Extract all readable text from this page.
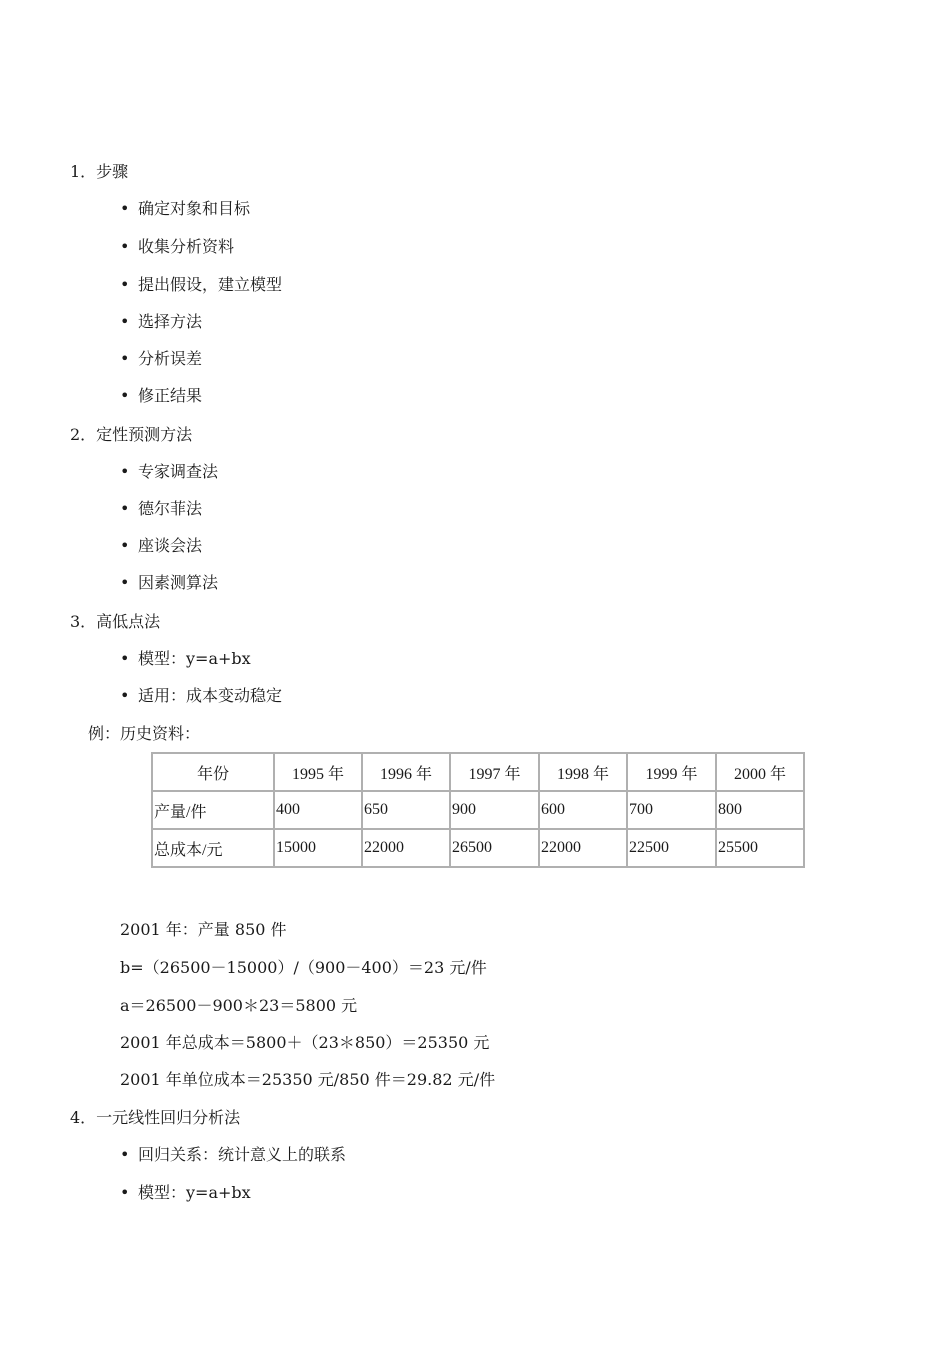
1．步骤
• 确定对象和目标
• 收集分析资料
• 提出假设，建立模型
• 选择方法
• 分析误差
• 修正结果
2．定性预测方法
• 专家调查法
• 德尔菲法
• 座谈会法
• 因素测算法
3．高低点法
• 模型：y=a+bx
• 适用：成本变动稳定
例：历史资料：
年份	1995 年	1996 年	1997 年	1998 年	1999 年	2000 年
产量/件	400	650	900	600	700	800
总成本/元	15000	22000	26500	22000	22500	25500
2001 年：产量 850 件
b=（26500－15000）/（900－400）＝23 元/件
a＝26500－900＊23＝5800 元
2001 年总成本＝5800＋（23＊850）＝25350 元
2001 年单位成本＝25350 元/850 件＝29.82 元/件
4．一元线性回归分析法
• 回归关系：统计意义上的联系
• 模型：y=a+bx
